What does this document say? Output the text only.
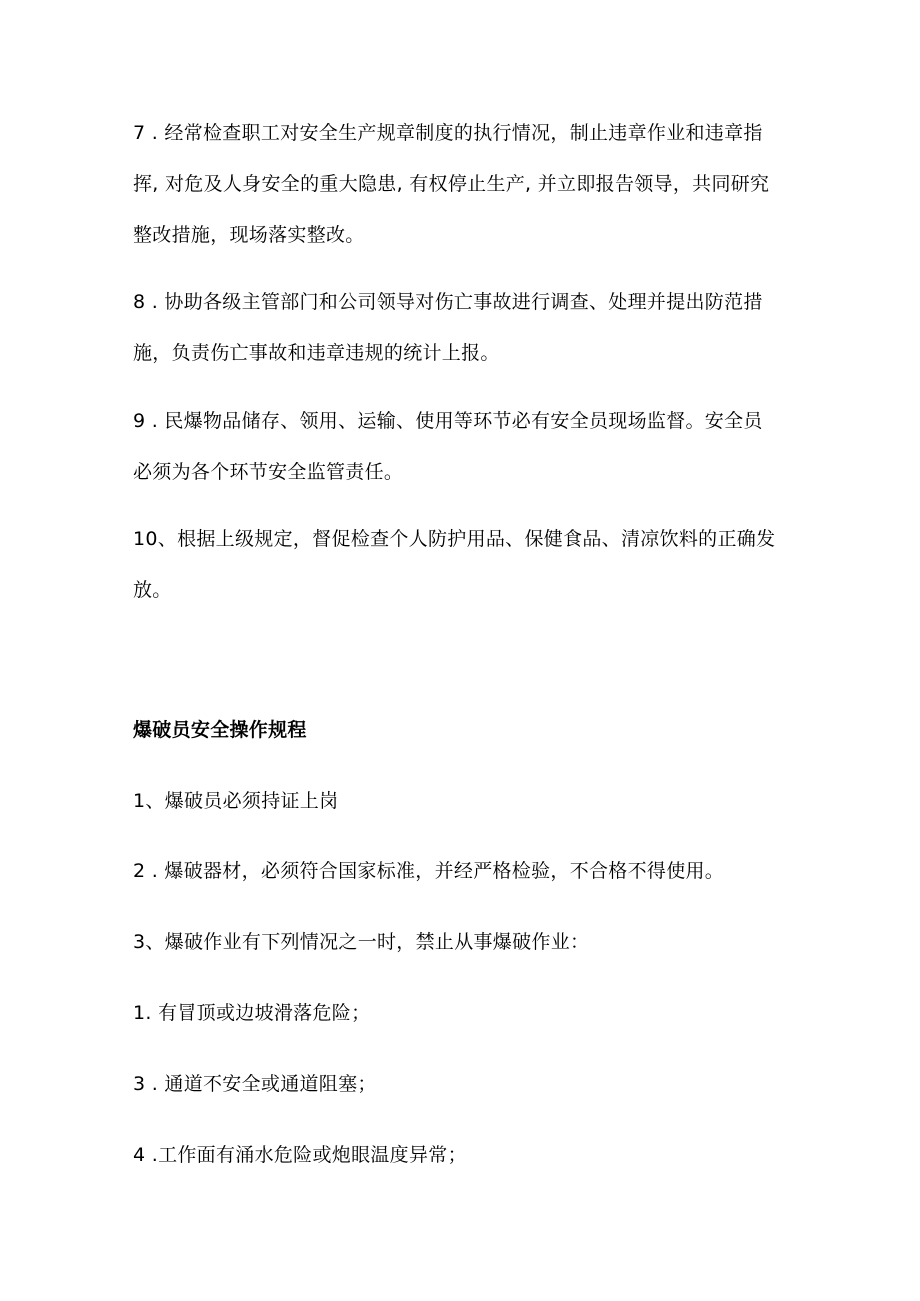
7 . 经常检查职工对安全生产规章制度的执行情况，制止违章作业和违章指
挥, 对危及人身安全的重大隐患, 有权停止生产, 并立即报告领导，共同研究
整改措施，现场落实整改。
8 . 协助各级主管部门和公司领导对伤亡事故进行调查、处理并提出防范措
施，负责伤亡事故和违章违规的统计上报。
9 . 民爆物品储存、领用、运输、使用等环节必有安全员现场监督。安全员
必须为各个环节安全监管责任。
10、根据上级规定，督促检查个人防护用品、保健食品、清凉饮料的正确发
放。
爆破员安全操作规程
1、爆破员必须持证上岗
2 . 爆破器材，必须符合国家标准，并经严格检验，不合格不得使用。
3、爆破作业有下列情况之一时，禁止从事爆破作业：
1. 有冒顶或边坡滑落危险；
3 . 通道不安全或通道阻塞；
4 .工作面有涌水危险或炮眼温度异常；
